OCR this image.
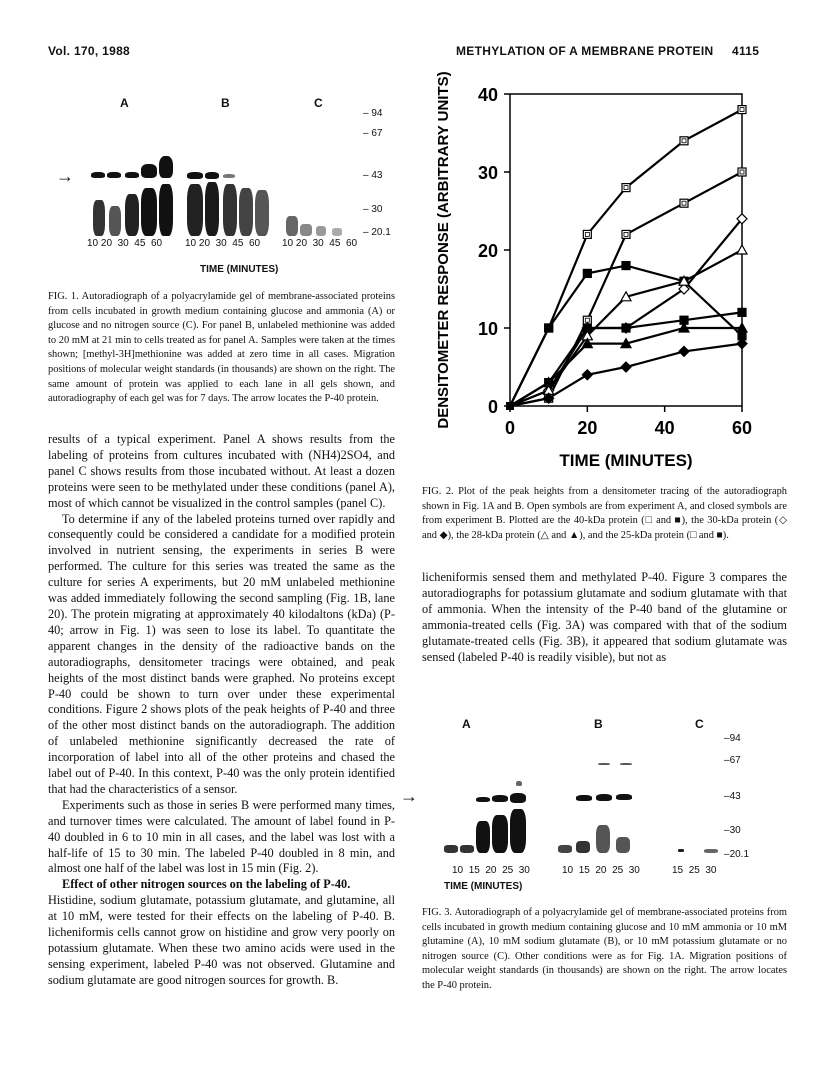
Vol. 170, 1988	METHYLATION OF A MEMBRANE PROTEIN 4115
A	B	C
→
– 94
– 67
– 43
– 30
– 20.1
10 20 30 45 60	10 20 30 45 60 10 20 30 45 60
TIME (MINUTES)
FIG. 1. Autoradiograph of a polyacrylamide gel of membrane-associated proteins from cells incubated in growth medium containing glucose and ammonia (A) or glucose and no nitrogen source (C). For panel B, unlabeled methionine was added to 20 mM at 21 min to cells treated as for panel A. Samples were taken at the times shown; [methyl-3H]methionine was added at zero time in all cases. Migration positions of molecular weight standards (in thousands) are shown on the right. The same amount of protein was applied to each lane in all gels shown, and autoradiography of each gel was for 7 days. The arrow locates the P-40 protein.

results of a typical experiment. Panel A shows results from the labeling of proteins from cultures incubated with (NH4)2SO4, and panel C shows results from those incubated without. At least a dozen proteins were seen to be methylated under these conditions (panel A), most of which cannot be visualized in the control samples (panel C).

To determine if any of the labeled proteins turned over rapidly and consequently could be considered a candidate for a modified protein involved in nutrient sensing, the experiments in series B were performed. The culture for this series was treated the same as the culture for series A experiments, but 20 mM unlabeled methionine was added immediately following the second sampling (Fig. 1B, lane 20). The protein migrating at approximately 40 kilodaltons (kDa) (P-40; arrow in Fig. 1) was seen to lose its label. To quantitate the apparent changes in the density of the radioactive bands on the autoradiographs, densitometer tracings were obtained, and peak heights of the most distinct bands were graphed. No proteins except P-40 could be shown to turn over under these experimental conditions. Figure 2 shows plots of the peak heights of P-40 and three of the other most distinct bands on the autoradiograph. The addition of unlabeled methionine significantly decreased the rate of incorporation of label into all of the other proteins and chased the label out of P-40. In this context, P-40 was the only protein identified that had the characteristics of a sensor.

Experiments such as those in series B were performed many times, and turnover times were calculated. The amount of label found in P-40 doubled in 6 to 10 min in all cases, and the label was lost with a half-life of 15 to 30 min. The labeled P-40 doubled in 8 min, and almost one half of the label was lost in 15 min (Fig. 2).

Effect of other nitrogen sources on the labeling of P-40.

Histidine, sodium glutamate, potassium glutamate, and glutamine, all at 10 mM, were tested for their effects on the labeling of P-40. B. licheniformis cells cannot grow on histidine and grow very poorly on potassium glutamate. When these two amino acids were used in the sensing experiment, labeled P-40 was not observed. Glutamine and sodium glutamate are good nitrogen sources for growth. B.

0
10
20
30
40
0	20	40	60
TIME (MINUTES)
DENSITOMETER RESPONSE (ARBITRARY UNITS)
FIG. 2. Plot of the peak heights from a densitometer tracing of the autoradiograph shown in Fig. 1A and B. Open symbols are from experiment A, and closed symbols are from experiment B. Plotted are the 40-kDa protein (□ and ■), the 30-kDa protein (◇ and ◆), the 28-kDa protein (△ and ▲), and the 25-kDa protein (□ and ■).

licheniformis sensed them and methylated P-40. Figure 3 compares the autoradiographs for potassium glutamate and sodium glutamate with that of ammonia. When the intensity of the P-40 band of the glutamine or ammonia-treated cells (Fig. 3A) was compared with that of the sodium glutamate-treated cells (Fig. 3B), it appeared that sodium glutamate was sensed (labeled P-40 is readily visible), but not as

A	B	C
→
–94
–67
–43
–30
–20.1
10 15 20 25 30	10 15 20 25 30	15 25 30
TIME (MINUTES)
FIG. 3. Autoradiograph of a polyacrylamide gel of membrane-associated proteins from cells incubated in growth medium containing glucose and 10 mM ammonia or 10 mM glutamine (A), 10 mM sodium glutamate (B), or 10 mM potassium glutamate or no nitrogen source (C). Other conditions were as for Fig. 1A. Migration positions of molecular weight standards (in thousands) are shown on the right. The arrow locates the P-40 protein.
